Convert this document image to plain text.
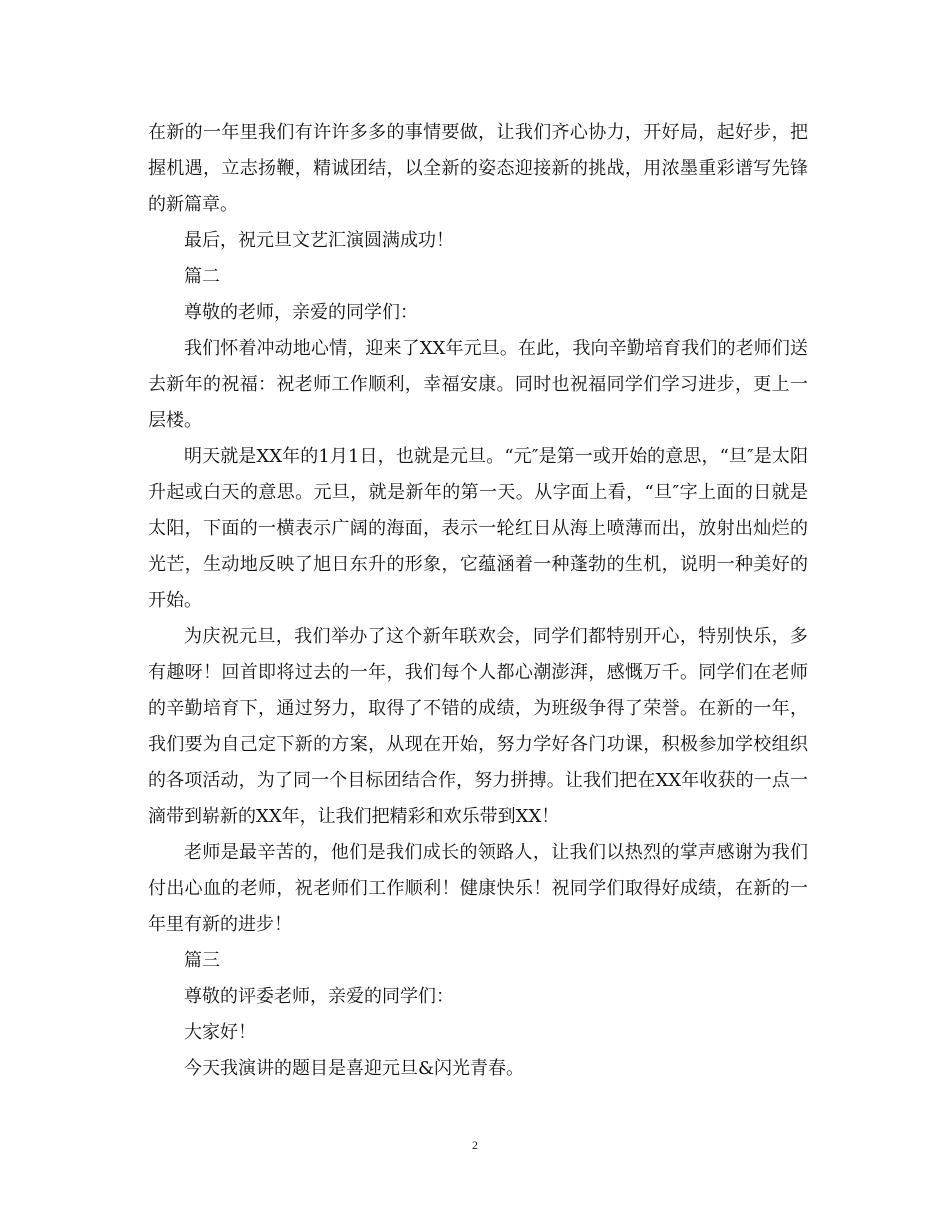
在新的一年里我们有许许多多的事情要做，让我们齐心协力，开好局，起好步，把握机遇，立志扬鞭，精诚团结，以全新的姿态迎接新的挑战，用浓墨重彩谱写先锋的新篇章。

最后，祝元旦文艺汇演圆满成功！

篇二

尊敬的老师，亲爱的同学们：

我们怀着冲动地心情，迎来了XX年元旦。在此，我向辛勤培育我们的老师们送去新年的祝福：祝老师工作顺利，幸福安康。同时也祝福同学们学习进步，更上一层楼。

明天就是XX年的1月1日，也就是元旦。“元″是第一或开始的意思，“旦″是太阳升起或白天的意思。元旦，就是新年的第一天。从字面上看，“旦″字上面的日就是太阳，下面的一横表示广阔的海面，表示一轮红日从海上喷薄而出，放射出灿烂的光芒，生动地反映了旭日东升的形象，它蕴涵着一种蓬勃的生机，说明一种美好的开始。

为庆祝元旦，我们举办了这个新年联欢会，同学们都特别开心，特别快乐，多有趣呀！回首即将过去的一年，我们每个人都心潮澎湃，感慨万千。同学们在老师的辛勤培育下，通过努力，取得了不错的成绩，为班级争得了荣誉。在新的一年，我们要为自己定下新的方案，从现在开始，努力学好各门功课，积极参加学校组织的各项活动，为了同一个目标团结合作，努力拼搏。让我们把在XX年收获的一点一滴带到崭新的XX年，让我们把精彩和欢乐带到XX！

老师是最辛苦的，他们是我们成长的领路人，让我们以热烈的掌声感谢为我们付出心血的老师，祝老师们工作顺利！健康快乐！祝同学们取得好成绩，在新的一年里有新的进步！

篇三

尊敬的评委老师，亲爱的同学们：

大家好！

今天我演讲的题目是喜迎元旦&闪光青春。

2
